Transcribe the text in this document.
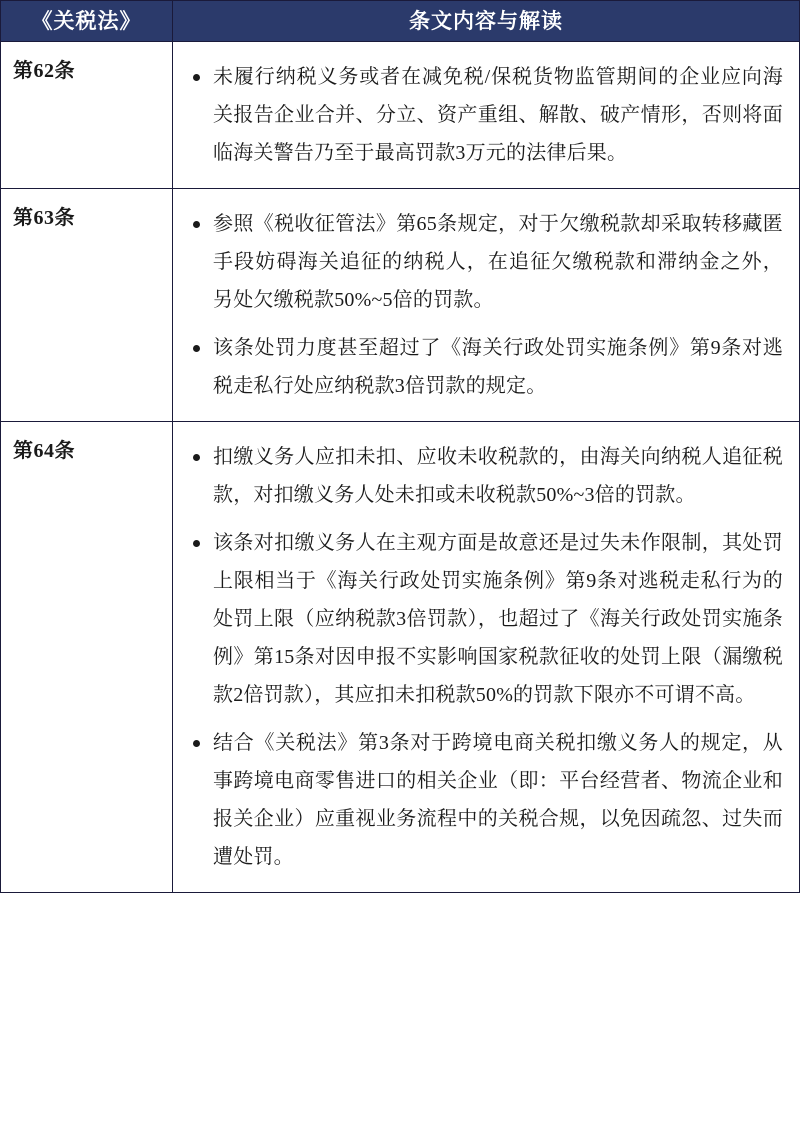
《关税法》	条文内容与解读
第62条	未履行纳税义务或者在减免税/保税货物监管期间的企业应向海关报告企业合并、分立、资产重组、解散、破产情形，否则将面临海关警告乃至于最高罚款3万元的法律后果。

第63条	参照《税收征管法》第65条规定，对于欠缴税款却采取转移藏匿手段妨碍海关追征的纳税人，在追征欠缴税款和滞纳金之外， 另处欠缴税款50%~5倍的罚款。
该条处罚力度甚至超过了《海关行政处罚实施条例》第9条对逃税走私行处应纳税款3倍罚款的规定。

第64条	扣缴义务人应扣未扣、应收未收税款的，由海关向纳税人追征税款，对扣缴义务人处未扣或未收税款50%~3倍的罚款。
该条对扣缴义务人在主观方面是故意还是过失未作限制，其处罚上限相当于《海关行政处罚实施条例》第9条对逃税走私行为的处罚上限（应纳税款3倍罚款），也超过了《海关行政处罚实施条例》第15条对因申报不实影响国家税款征收的处罚上限（漏缴税款2倍罚款），其应扣未扣税款50%的罚款下限亦不可谓不高。
结合《关税法》第3条对于跨境电商关税扣缴义务人的规定，从事跨境电商零售进口的相关企业（即：平台经营者、物流企业和报关企业）应重视业务流程中的关税合规，以免因疏忽、过失而遭处罚。
